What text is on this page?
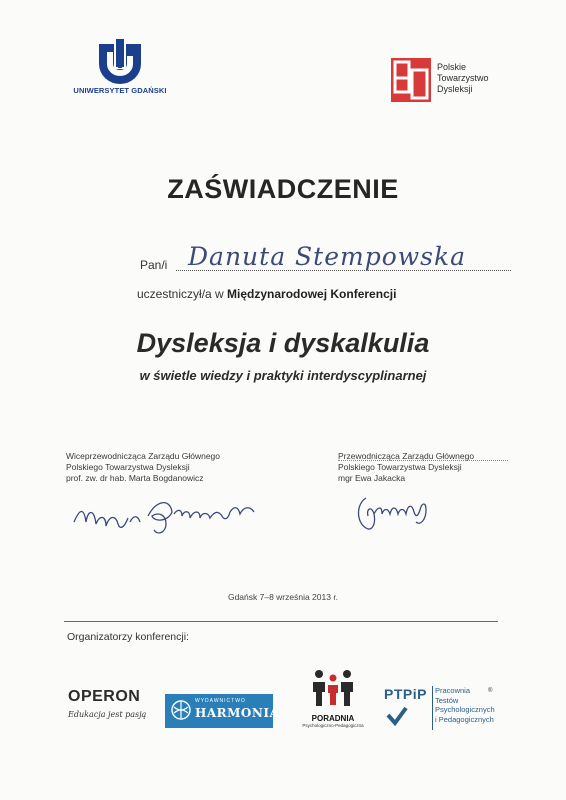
UNIWERSYTET GDAŃSKI
Polskie
Towarzystwo
Dysleksji
ZAŚWIADCZENIE
Pan/i Danuta Stempowska
uczestniczył/a w Międzynarodowej Konferencji
Dysleksja i dyskalkulia
w świetle wiedzy i praktyki interdyscyplinarnej
Wiceprzewodnicząca Zarządu Głównego
Polskiego Towarzystwa Dysleksji
prof. zw. dr hab. Marta Bogdanowicz
Przewodnicząca Zarządu Głównego
Polskiego Towarzystwa Dysleksji
mgr Ewa Jakacka
Gdańsk 7–8 września 2013 r.
Organizatorzy konferencji:
OPERON
Edukacja jest pasją
WYDAWNICTWO
HARMONIA	PORADNIA
Psychologiczno-Pedagogiczna
PTPiP Pracownia
Testów
Psychologicznych
i Pedagogicznych
®
